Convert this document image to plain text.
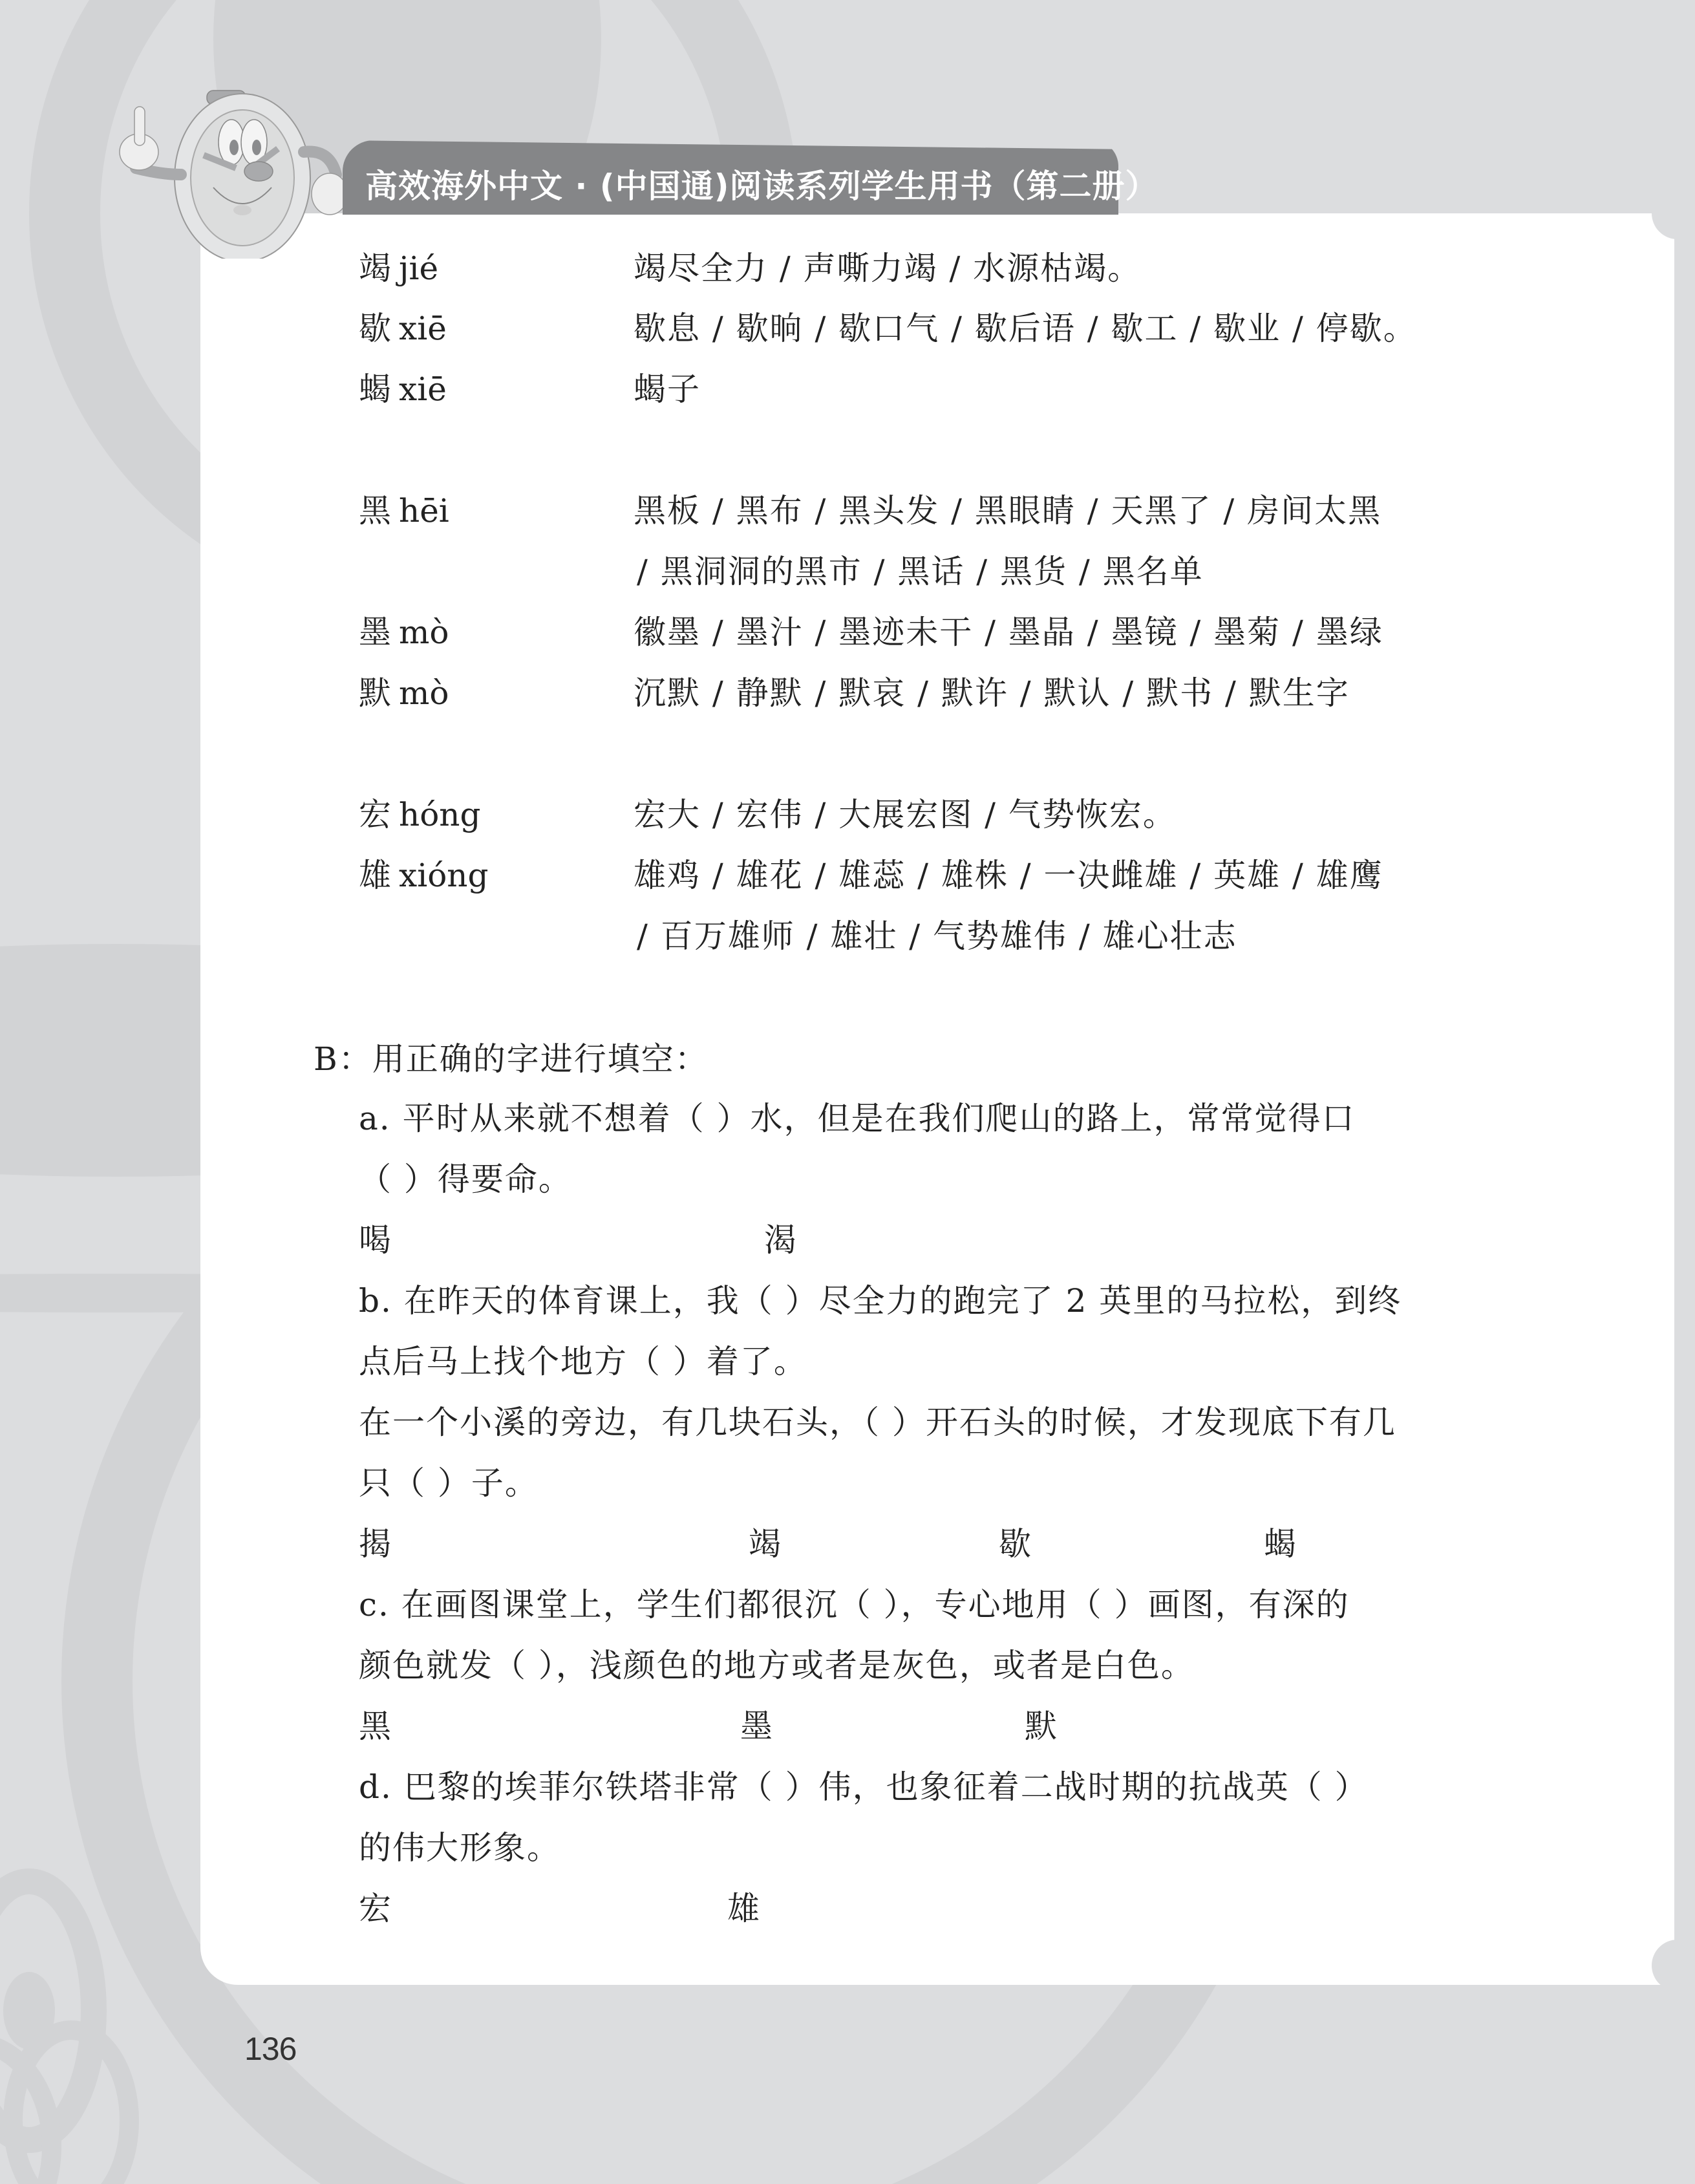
高效海外中文 · (中国通)阅读系列学生用书（第二册）
竭 jié	竭尽全力 / 声嘶力竭 / 水源枯竭。
歇 xiē	歇息 / 歇晌 / 歇口气 / 歇后语 / 歇工 / 歇业 / 停歇。
蝎 xiē	蝎子
黑 hēi	黑板 / 黑布 / 黑头发 / 黑眼睛 / 天黑了 / 房间太黑
/ 黑洞洞的黑市 / 黑话 / 黑货 / 黑名单
墨 mò	徽墨 / 墨汁 / 墨迹未干 / 墨晶 / 墨镜 / 墨菊 / 墨绿
默 mò	沉默 / 静默 / 默哀 / 默许 / 默认 / 默书 / 默生字
宏 hóng	宏大 / 宏伟 / 大展宏图 / 气势恢宏。
雄 xióng	雄鸡 / 雄花 / 雄蕊 / 雄株 / 一决雌雄 / 英雄 / 雄鹰
/ 百万雄师 / 雄壮 / 气势雄伟 / 雄心壮志
B：用正确的字进行填空：
a. 平时从来就不想着（ ）水，但是在我们爬山的路上，常常觉得口
（ ）得要命。
喝	渴
b. 在昨天的体育课上，我（ ）尽全力的跑完了 2 英里的马拉松，到终
点后马上找个地方（ ）着了。
在一个小溪的旁边，有几块石头，（ ）开石头的时候，才发现底下有几
只（ ）子。
揭	竭	歇	蝎
c. 在画图课堂上，学生们都很沉（ ），专心地用（ ）画图，有深的
颜色就发（ ），浅颜色的地方或者是灰色，或者是白色。
黑	墨	默
d. 巴黎的埃菲尔铁塔非常（ ）伟，也象征着二战时期的抗战英（ ）
的伟大形象。
宏	雄
136
